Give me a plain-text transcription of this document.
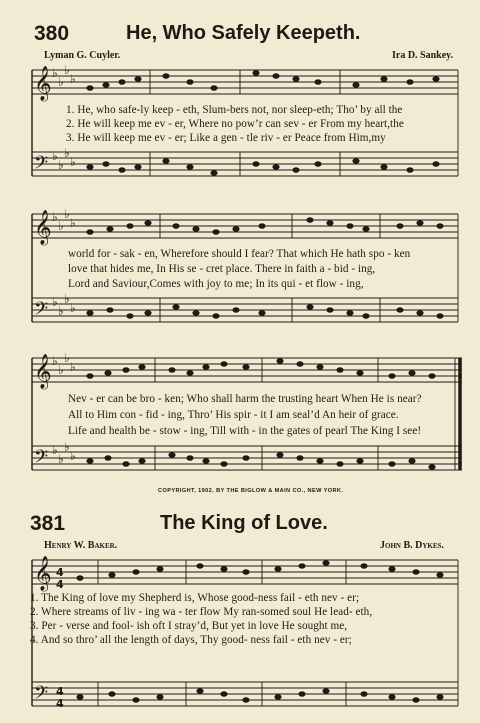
380	He, Who Safely Keepeth.
Lyman G. Cuyler.	Ira D. Sankey.
𝄞
𝄢
𝄞
𝄢
𝄞
𝄢
𝄞
𝄢
♭
♭
♭
♭
♭
♭
♭
♭
♭
♭
♭
♭
♭
♭
♭
♭
♭
♭
♭
♭
♭
♭
♭
♭
4
4
4
4
1. He, who safe-ly keep - eth, Slum-bers not, nor sleep-eth; Tho’ by all the
2. He will keep me ev - er, Where no pow’r can sev - er From my heart,the
3. He will keep me ev - er; Like a gen - tle riv - er Peace from Him,my
world for - sak - en, Wherefore should I fear? That which He hath spo - ken
love that hides me, In His se - cret place. There in faith a - bid - ing,
Lord and Saviour,Comes with joy to me; In its qui - et flow - ing,
Nev - er can be bro - ken; Who shall harm the trusting heart When He is near?
All to Him con - fid - ing, Thro’ His spir - it I am seal’d An heir of grace.
Life and health be - stow - ing, Till with - in the gates of pearl The King I see!
COPYRIGHT, 1902, BY THE BIGLOW & MAIN CO., NEW YORK.
381	The King of Love.
Henry W. Baker.	John B. Dykes.
1. The King of love my Shepherd is, Whose good-ness fail - eth nev - er;
2. Where streams of liv - ing wa - ter flow My ran-somed soul He lead- eth,
3. Per - verse and fool- ish oft I stray’d, But yet in love He sought me,
4. And so thro’ all the length of days, Thy good- ness fail - eth nev - er;
